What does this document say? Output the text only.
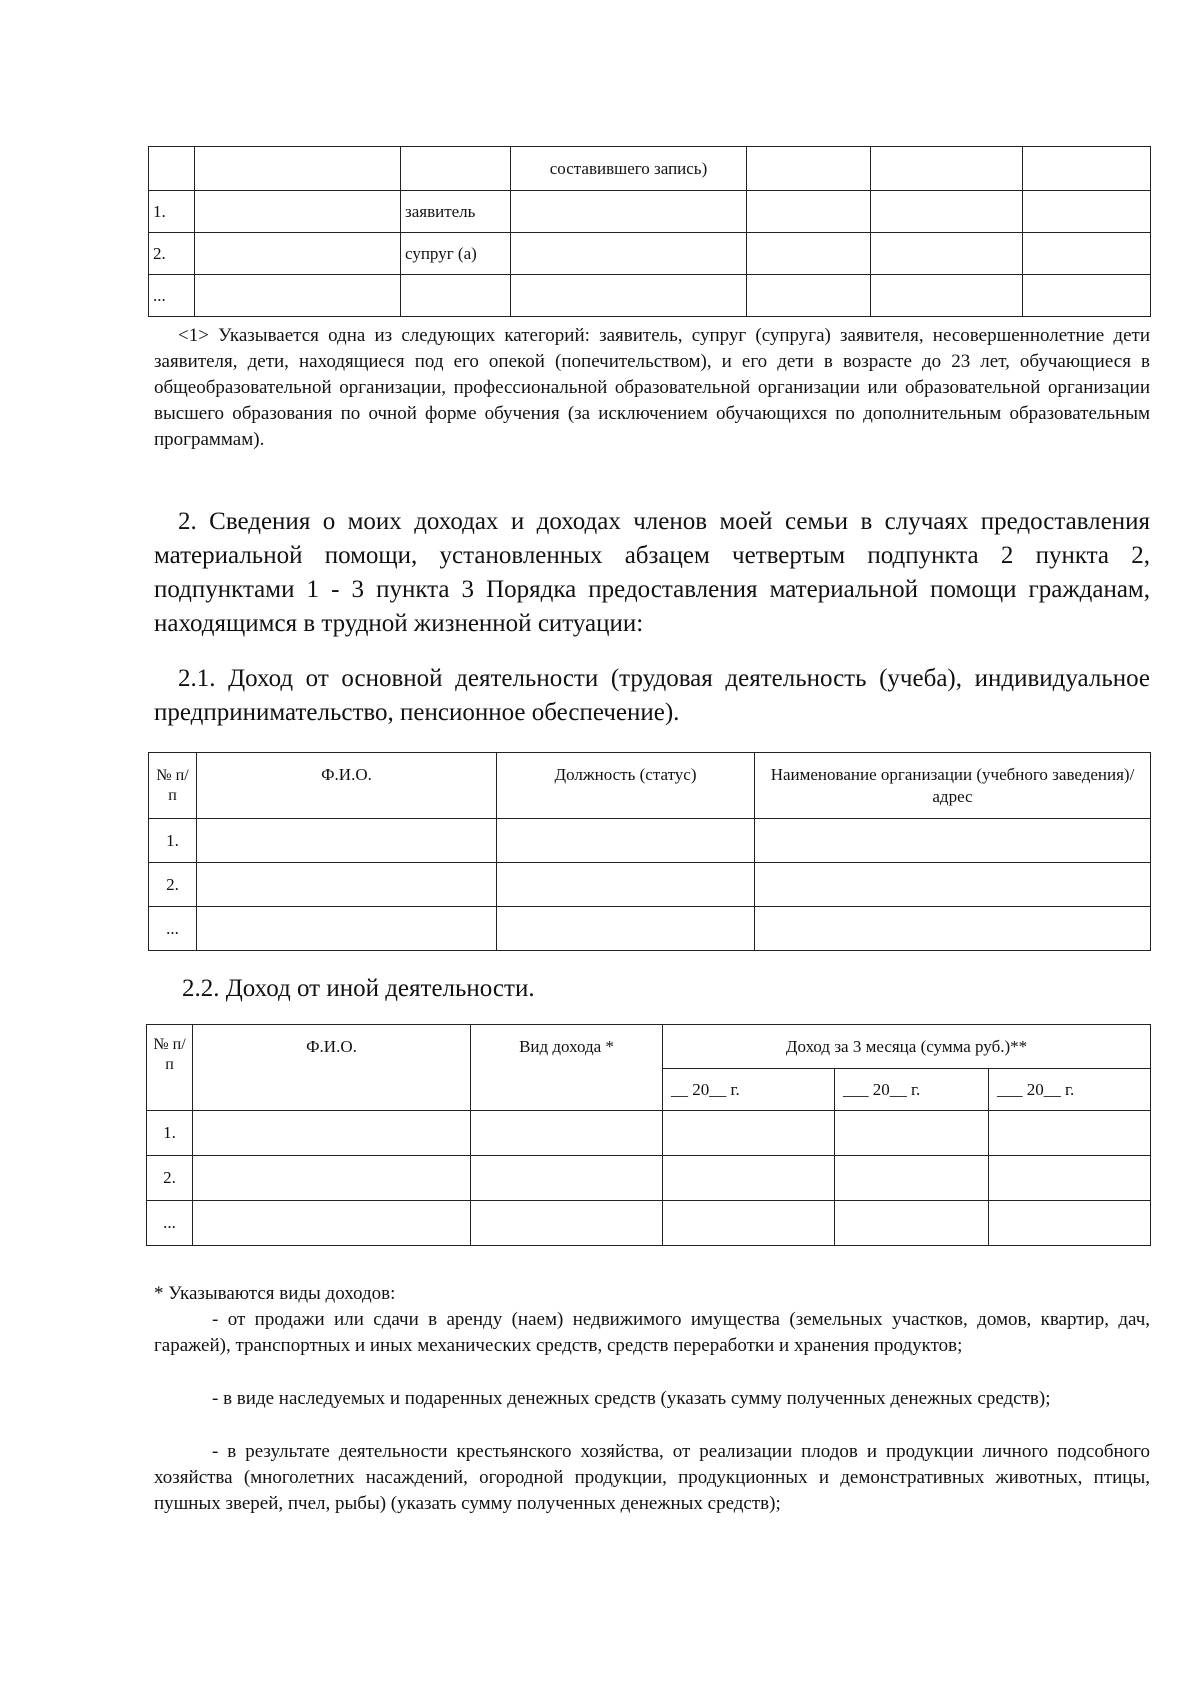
			составившего запись)			
1.		заявитель				
2.		супруг (а)				
...						
<1> Указывается одна из следующих категорий: заявитель, супруг (супруга) заявителя, несовершеннолетние дети заявителя, дети, находящиеся под его опекой (попечительством), и его дети в возрасте до 23 лет, обучающиеся в общеобразовательной организации, профессиональной образовательной организации или образовательной организации высшего образования по очной форме обучения (за исключением обучающихся по дополнительным образовательным программам).
2. Сведения о моих доходах и доходах членов моей семьи в случаях предоставления материальной помощи, установленных абзацем четвертым подпункта 2 пункта 2, подпунктами 1 - 3 пункта 3 Порядка предоставления материальной помощи гражданам, находящимся в трудной жизненной ситуации:
2.1. Доход от основной деятельности (трудовая деятельность (учеба), индивидуальное предпринимательство, пенсионное обеспечение).
№ п/п	Ф.И.О.	Должность (статус)	Наименование организации (учебного заведения)/адрес
1.			
2.			
...			
2.2. Доход от иной деятельности.
№ п/п	Ф.И.О.	Вид дохода *	Доход за 3 месяца (сумма руб.)**		
			__ 20__ г.	___ 20__ г.	___ 20__ г.
1.					
2.					
...					
* Указываются виды доходов:
- от продажи или сдачи в аренду (наем) недвижимого имущества (земельных участков, домов, квартир, дач, гаражей), транспортных и иных механических средств, средств переработки и хранения продуктов;
- в виде наследуемых и подаренных денежных средств (указать сумму полученных денежных средств);
- в результате деятельности крестьянского хозяйства, от реализации плодов и продукции личного подсобного хозяйства (многолетних насаждений, огородной продукции, продукционных и демонстративных животных, птицы, пушных зверей, пчел, рыбы) (указать сумму полученных денежных средств);
